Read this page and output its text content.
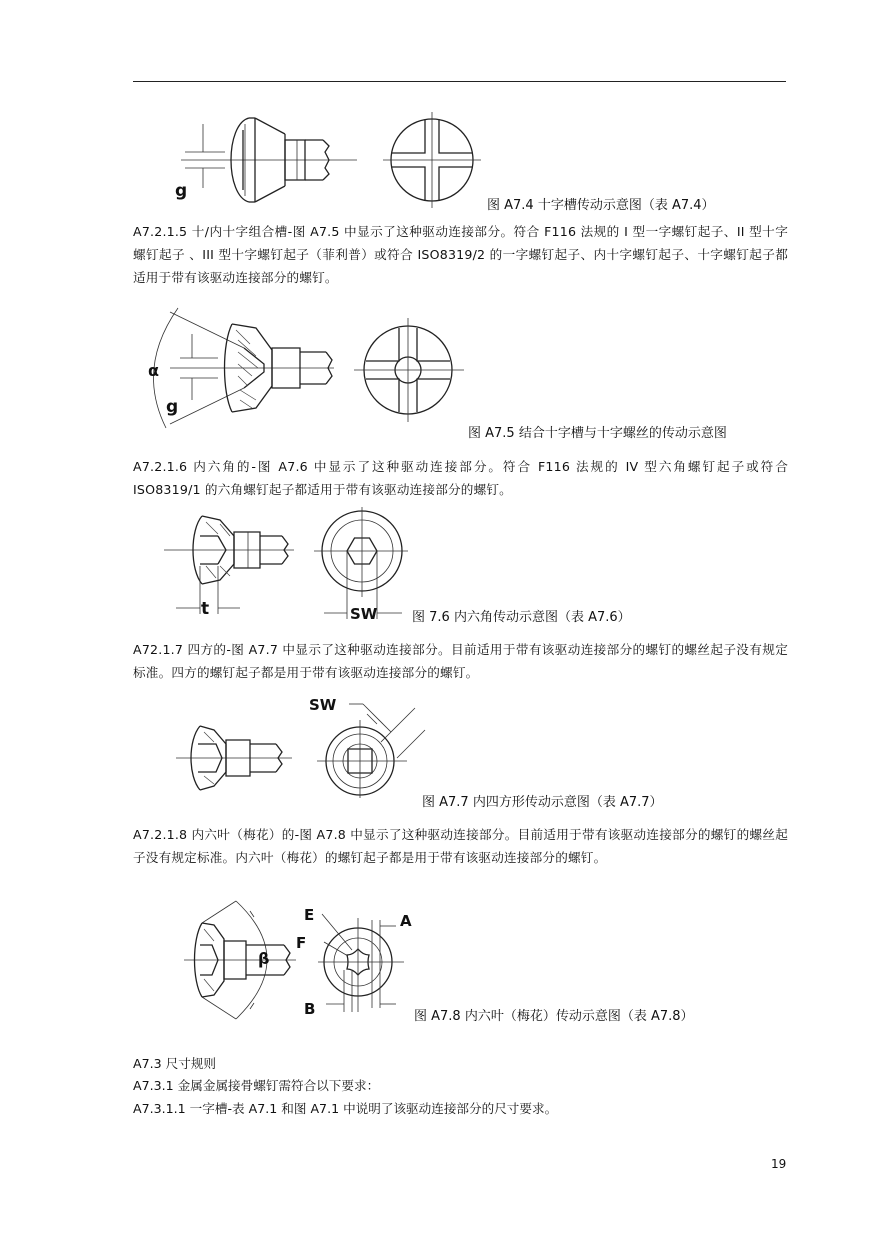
g
图 A7.4 十字槽传动示意图（表 A7.4）

A7.2.1.5 十/内十字组合槽-图 A7.5 中显示了这种驱动连接部分。符合 F116 法规的 I 型一字螺钉起子、II 型十字螺钉起子 、III 型十字螺钉起子（菲利普）或符合 ISO8319/2 的一字螺钉起子、内十字螺钉起子、十字螺钉起子都适用于带有该驱动连接部分的螺钉。

α
g
图 A7.5 结合十字槽与十字螺丝的传动示意图

A7.2.1.6 内六角的-图 A7.6 中显示了这种驱动连接部分。符合 F116 法规的 IV 型六角螺钉起子或符合 ISO8319/1 的六角螺钉起子都适用于带有该驱动连接部分的螺钉。

t	SW	图 7.6 内六角传动示意图（表 A7.6）

A72.1.7 四方的-图 A7.7 中显示了这种驱动连接部分。目前适用于带有该驱动连接部分的螺钉的螺丝起子没有规定标准。四方的螺钉起子都是用于带有该驱动连接部分的螺钉。

SW
图 A7.7 内四方形传动示意图（表 A7.7）

A7.2.1.8 内六叶（梅花）的-图 A7.8 中显示了这种驱动连接部分。目前适用于带有该驱动连接部分的螺钉的螺丝起子没有规定标准。内六叶（梅花）的螺钉起子都是用于带有该驱动连接部分的螺钉。

β
E
F
A
B	图 A7.8 内六叶（梅花）传动示意图（表 A7.8）
A7.3 尺寸规则
A7.3.1 金属金属接骨螺钉需符合以下要求：
A7.3.1.1 一字槽-表 A7.1 和图 A7.1 中说明了该驱动连接部分的尺寸要求。
19
